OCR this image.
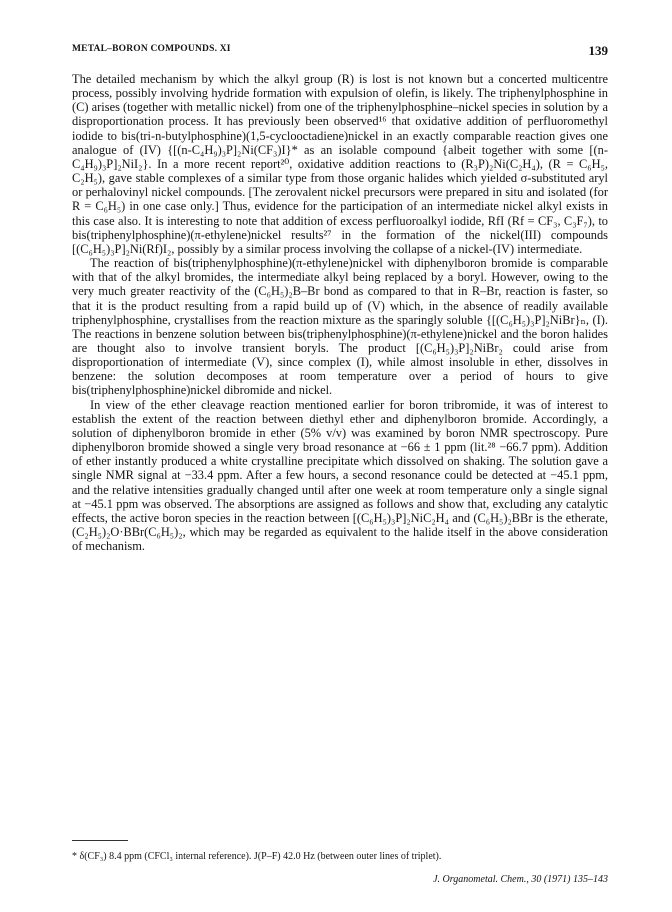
METAL–BORON COMPOUNDS. XI	139

The detailed mechanism by which the alkyl group (R) is lost is not known but a concerted multicentre process, possibly involving hydride formation with expulsion of olefin, is likely. The triphenylphosphine in (C) arises (together with metallic nickel) from one of the triphenylphosphine–nickel species in solution by a disproportionation process. It has previously been observed¹⁶ that oxidative addition of perfluoromethyl iodide to bis(tri-n-butylphosphine)(1,5-cyclooctadiene)nickel in an exactly comparable reaction gives one analogue of (IV) {[(n-C₄H₉)₃P]₂Ni(CF₃)I}* as an isolable compound {albeit together with some [(n-C₄H₉)₃P]₂NiI₂}. In a more recent report²⁰, oxidative addition reactions to (R₃P)₂Ni(C₂H₄), (R = C₆H₅, C₂H₅), gave stable complexes of a similar type from those organic halides which yielded σ-substituted aryl or perhalovinyl nickel compounds. [The zerovalent nickel precursors were prepared in situ and isolated (for R = C₆H₅) in one case only.] Thus, evidence for the participation of an intermediate nickel alkyl exists in this case also. It is interesting to note that addition of excess perfluoroalkyl iodide, RfI (Rf = CF₃, C₃F₇), to bis(triphenylphosphine)(π-ethylene)nickel results²⁷ in the formation of the nickel(III) compounds [(C₆H₅)₃P]₂Ni(Rf)I₂, possibly by a similar process involving the collapse of a nickel-(IV) intermediate.

The reaction of bis(triphenylphosphine)(π-ethylene)nickel with diphenylboron bromide is comparable with that of the alkyl bromides, the intermediate alkyl being replaced by a boryl. However, owing to the very much greater reactivity of the (C₆H₅)₂B–Br bond as compared to that in R–Br, reaction is faster, so that it is the product resulting from a rapid build up of (V) which, in the absence of readily available triphenylphosphine, crystallises from the reaction mixture as the sparingly soluble {[(C₆H₅)₃P]₂NiBr}ₙ, (I). The reactions in benzene solution between bis(triphenylphosphine)(π-ethylene)nickel and the boron halides are thought also to involve transient boryls. The product [(C₆H₅)₃P]₂NiBr₂ could arise from disproportionation of intermediate (V), since complex (I), while almost insoluble in ether, dissolves in benzene: the solution decomposes at room temperature over a period of hours to give bis(triphenylphosphine)nickel dibromide and nickel.

In view of the ether cleavage reaction mentioned earlier for boron tribromide, it was of interest to establish the extent of the reaction between diethyl ether and diphenylboron bromide. Accordingly, a solution of diphenylboron bromide in ether (5% v/v) was examined by boron NMR spectroscopy. Pure diphenylboron bromide showed a single very broad resonance at −66 ± 1 ppm (lit.²⁸ −66.7 ppm). Addition of ether instantly produced a white crystalline precipitate which dissolved on shaking. The solution gave a single NMR signal at −33.4 ppm. After a few hours, a second resonance could be detected at −45.1 ppm, and the relative intensities gradually changed until after one week at room temperature only a single signal at −45.1 ppm was observed. The absorptions are assigned as follows and show that, excluding any catalytic effects, the active boron species in the reaction between [(C₆H₅)₃P]₂NiC₂H₄ and (C₆H₅)₂BBr is the etherate, (C₂H₅)₂O·BBr(C₆H₅)₂, which may be regarded as equivalent to the halide itself in the above consideration of mechanism.

* δ(CF₃) 8.4 ppm (CFCl₃ internal reference). J(P–F) 42.0 Hz (between outer lines of triplet).
J. Organometal. Chem., 30 (1971) 135–143
